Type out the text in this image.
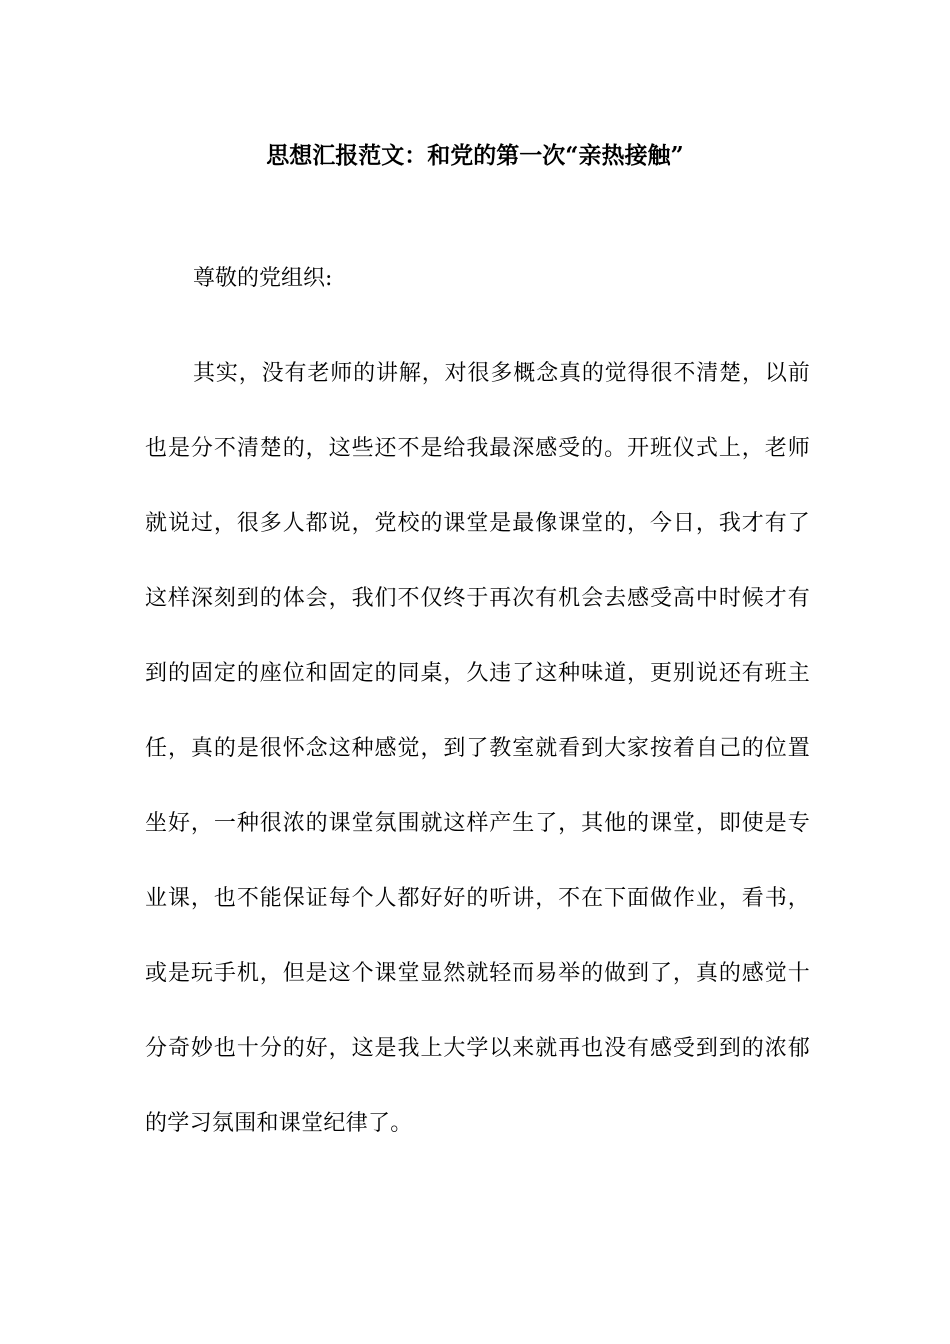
思想汇报范文：和党的第一次“亲热接触”

尊敬的党组织:

其实，没有老师的讲解，对很多概念真的觉得很不清楚，以前也是分不清楚的，这些还不是给我最深感受的。开班仪式上，老师就说过，很多人都说，党校的课堂是最像课堂的，今日，我才有了这样深刻到的体会，我们不仅终于再次有机会去感受高中时候才有到的固定的座位和固定的同桌，久违了这种味道，更别说还有班主任，真的是很怀念这种感觉，到了教室就看到大家按着自己的位置坐好，一种很浓的课堂氛围就这样产生了，其他的课堂，即使是专业课，也不能保证每个人都好好的听讲，不在下面做作业，看书，或是玩手机，但是这个课堂显然就轻而易举的做到了，真的感觉十分奇妙也十分的好，这是我上大学以来就再也没有感受到到的浓郁的学习氛围和课堂纪律了。
